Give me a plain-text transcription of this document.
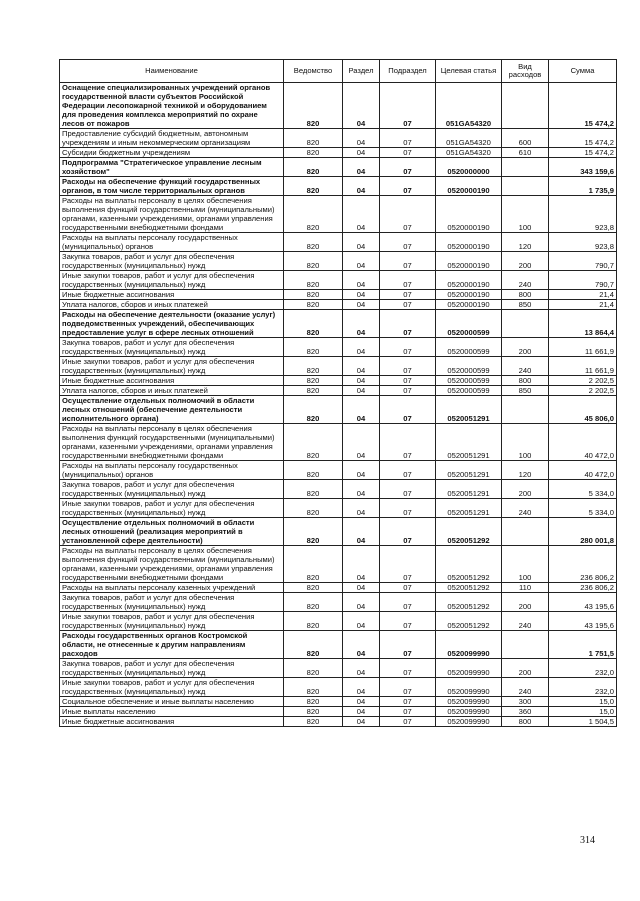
Наименование	Ведомство	Раздел	Подраздел	Целевая статья	Вид расходов	Сумма
Оснащение специализированных учреждений органов государственной власти субъектов Российской Федерации лесопожарной техникой и оборудованием для проведения комплекса мероприятий по охране лесов от пожаров	820	04	07	051GA54320		15 474,2
Предоставление субсидий бюджетным, автономным учреждениям и иным некоммерческим организациям	820	04	07	051GA54320	600	15 474,2
Субсидии бюджетным учреждениям	820	04	07	051GA54320	610	15 474,2
Подпрограмма "Стратегическое управление лесным хозяйством"	820	04	07	0520000000		343 159,6
Расходы на обеспечение функций государственных органов, в том числе территориальных органов	820	04	07	0520000190		1 735,9
Расходы на выплаты персоналу в целях обеспечения выполнения функций государственными (муниципальными) органами, казенными учреждениями, органами управления государственными внебюджетными фондами	820	04	07	0520000190	100	923,8
Расходы на выплаты персоналу государственных (муниципальных) органов	820	04	07	0520000190	120	923,8
Закупка товаров, работ и услуг для обеспечения государственных (муниципальных) нужд	820	04	07	0520000190	200	790,7
Иные закупки товаров, работ и услуг для обеспечения государственных (муниципальных) нужд	820	04	07	0520000190	240	790,7
Иные бюджетные ассигнования	820	04	07	0520000190	800	21,4
Уплата налогов, сборов и иных платежей	820	04	07	0520000190	850	21,4
Расходы на обеспечение деятельности (оказание услуг) подведомственных учреждений, обеспечивающих предоставление услуг в сфере лесных отношений	820	04	07	0520000599		13 864,4
Закупка товаров, работ и услуг для обеспечения государственных (муниципальных) нужд	820	04	07	0520000599	200	11 661,9
Иные закупки товаров, работ и услуг для обеспечения государственных (муниципальных) нужд	820	04	07	0520000599	240	11 661,9
Иные бюджетные ассигнования	820	04	07	0520000599	800	2 202,5
Уплата налогов, сборов и иных платежей	820	04	07	0520000599	850	2 202,5
Осуществление отдельных полномочий в области лесных отношений (обеспечение деятельности исполнительного органа)	820	04	07	0520051291		45 806,0
Расходы на выплаты персоналу в целях обеспечения выполнения функций государственными (муниципальными) органами, казенными учреждениями, органами управления государственными внебюджетными фондами	820	04	07	0520051291	100	40 472,0
Расходы на выплаты персоналу государственных (муниципальных) органов	820	04	07	0520051291	120	40 472,0
Закупка товаров, работ и услуг для обеспечения государственных (муниципальных) нужд	820	04	07	0520051291	200	5 334,0
Иные закупки товаров, работ и услуг для обеспечения государственных (муниципальных) нужд	820	04	07	0520051291	240	5 334,0
Осуществление отдельных полномочий в области лесных отношений (реализация мероприятий в установленной сфере деятельности)	820	04	07	0520051292		280 001,8
Расходы на выплаты персоналу в целях обеспечения выполнения функций государственными (муниципальными) органами, казенными учреждениями, органами управления государственными внебюджетными фондами	820	04	07	0520051292	100	236 806,2
Расходы на выплаты персоналу казенных учреждений	820	04	07	0520051292	110	236 806,2
Закупка товаров, работ и услуг для обеспечения государственных (муниципальных) нужд	820	04	07	0520051292	200	43 195,6
Иные закупки товаров, работ и услуг для обеспечения государственных (муниципальных) нужд	820	04	07	0520051292	240	43 195,6
Расходы государственных органов Костромской области, не отнесенные к другим направлениям расходов	820	04	07	0520099990		1 751,5
Закупка товаров, работ и услуг для обеспечения государственных (муниципальных) нужд	820	04	07	0520099990	200	232,0
Иные закупки товаров, работ и услуг для обеспечения государственных (муниципальных) нужд	820	04	07	0520099990	240	232,0
Социальное обеспечение и иные выплаты населению	820	04	07	0520099990	300	15,0
Иные выплаты населению	820	04	07	0520099990	360	15,0
Иные бюджетные ассигнования	820	04	07	0520099990	800	1 504,5
314
